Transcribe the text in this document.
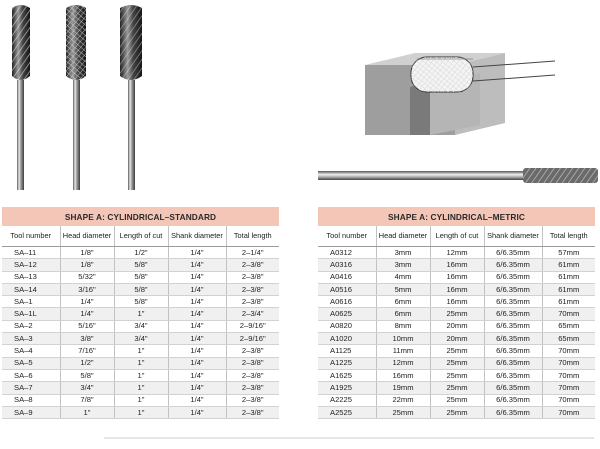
SHAPE A: CYLINDRICAL–STANDARD
Tool number	Head diameter	Length of cut	Shank diameter	Total length
SA–11	1/8"	1/2"	1/4"	2–1/4"
SA–12	1/8"	5/8"	1/4"	2–3/8"
SA–13	5/32"	5/8"	1/4"	2–3/8"
SA–14	3/16"	5/8"	1/4"	2–3/8"
SA–1	1/4"	5/8"	1/4"	2–3/8"
SA–1L	1/4"	1"	1/4"	2–3/4"
SA–2	5/16"	3/4"	1/4"	2–9/16"
SA–3	3/8"	3/4"	1/4"	2–9/16"
SA–4	7/16"	1"	1/4"	2–3/8"
SA–5	1/2"	1"	1/4"	2–3/8"
SA–6	5/8"	1"	1/4"	2–3/8"
SA–7	3/4"	1"	1/4"	2–3/8"
SA–8	7/8"	1"	1/4"	2–3/8"
SA–9	1"	1"	1/4"	2–3/8"
SHAPE A: CYLINDRICAL–METRIC
Tool number	Head diameter	Length of cut	Shank diameter	Total length
A0312	3mm	12mm	6/6.35mm	57mm
A0316	3mm	16mm	6/6.35mm	61mm
A0416	4mm	16mm	6/6.35mm	61mm
A0516	5mm	16mm	6/6.35mm	61mm
A0616	6mm	16mm	6/6.35mm	61mm
A0625	6mm	25mm	6/6.35mm	70mm
A0820	8mm	20mm	6/6.35mm	65mm
A1020	10mm	20mm	6/6.35mm	65mm
A1125	11mm	25mm	6/6.35mm	70mm
A1225	12mm	25mm	6/6.35mm	70mm
A1625	16mm	25mm	6/6.35mm	70mm
A1925	19mm	25mm	6/6.35mm	70mm
A2225	22mm	25mm	6/6.35mm	70mm
A2525	25mm	25mm	6/6.35mm	70mm
